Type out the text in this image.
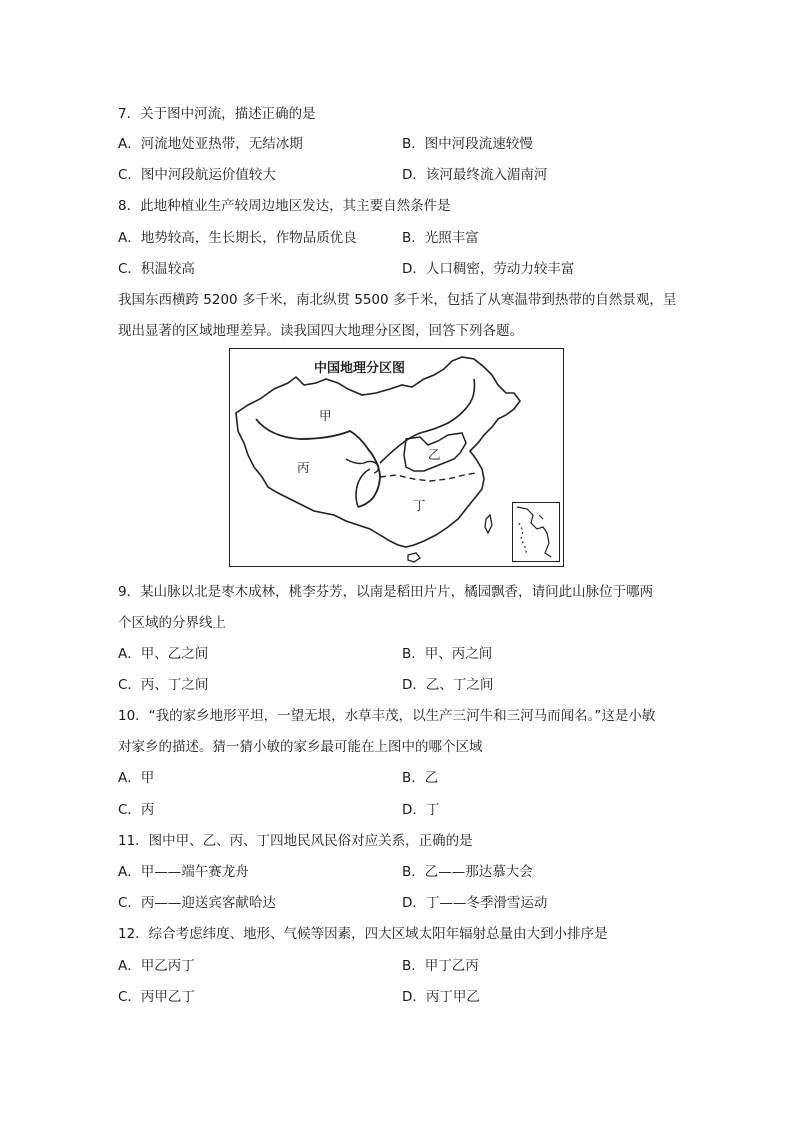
7．关于图中河流，描述正确的是
A．河流地处亚热带，无结冰期	B．图中河段流速较慢
C．图中河段航运价值较大	D．该河最终流入湄南河
8．此地种植业生产较周边地区发达，其主要自然条件是
A．地势较高，生长期长，作物品质优良	B．光照丰富
C．积温较高	D．人口稠密，劳动力较丰富
我国东西横跨 5200 多千米，南北纵贯 5500 多千米，包括了从寒温带到热带的自然景观，呈
现出显著的区域地理差异。读我国四大地理分区图，回答下列各题。
中国地理分区图
甲
乙
丙
丁
9．某山脉以北是枣木成林，桃李芬芳，以南是稻田片片，橘园飘香，请问此山脉位于哪两
个区域的分界线上
A．甲、乙之间	B．甲、丙之间
C．丙、丁之间	D．乙、丁之间
10．“我的家乡地形平坦，一望无垠，水草丰茂，以生产三河牛和三河马而闻名。”这是小敏
对家乡的描述。猜一猜小敏的家乡最可能在上图中的哪个区域
A．甲	B．乙
C．丙	D．丁
11．图中甲、乙、丙、丁四地民风民俗对应关系，正确的是
A．甲——端午赛龙舟	B．乙——那达慕大会
C．丙——迎送宾客献哈达	D．丁——冬季滑雪运动
12．综合考虑纬度、地形、气候等因素，四大区域太阳年辐射总量由大到小排序是
A．甲乙丙丁	B．甲丁乙丙
C．丙甲乙丁	D．丙丁甲乙
